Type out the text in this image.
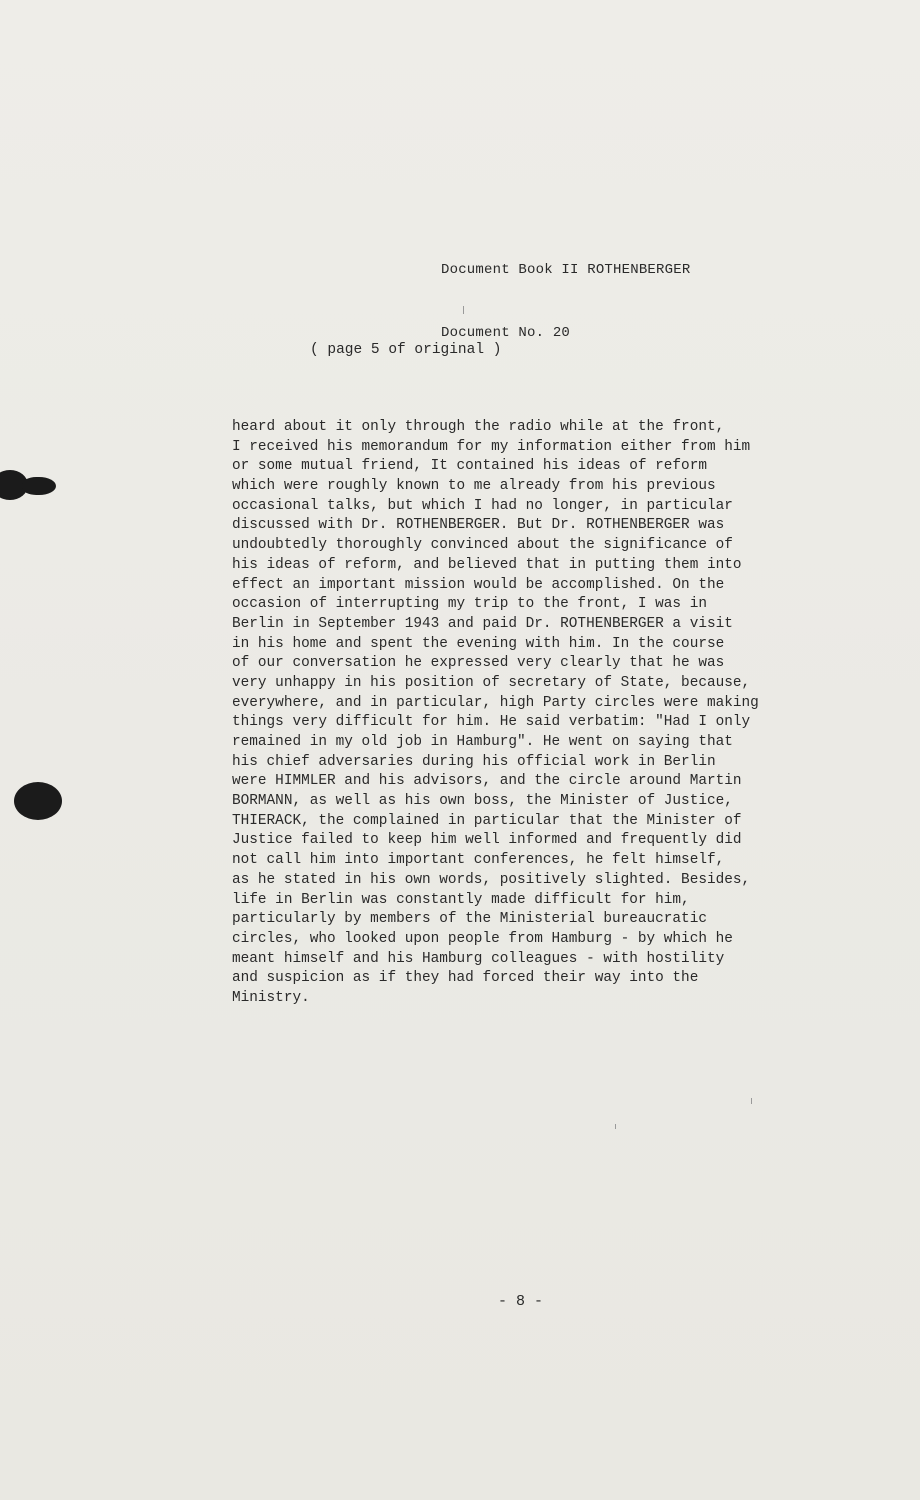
Document Book II ROTHENBERGER

Document No. 20

( page 5 of original )
heard about it only through the radio while at the front,
I received his memorandum for my information either from him
or some mutual friend, It contained his ideas of reform
which were roughly known to me already from his previous
occasional talks, but which I had no longer, in particular
discussed with Dr. ROTHENBERGER. But Dr. ROTHENBERGER was
undoubtedly thoroughly convinced about the significance of
his ideas of reform, and believed that in putting them into
effect an important mission would be accomplished. On the
occasion of interrupting my trip to the front, I was in
Berlin in September 1943 and paid Dr. ROTHENBERGER a visit
in his home and spent the evening with him. In the course
of our conversation he expressed very clearly that he was
very unhappy in his position of secretary of State, because,
everywhere, and in particular, high Party circles were making
things very difficult for him. He said verbatim: "Had I only
remained in my old job in Hamburg". He went on saying that
his chief adversaries during his official work in Berlin
were HIMMLER and his advisors, and the circle around Martin
BORMANN, as well as his own boss, the Minister of Justice,
THIERACK, the complained in particular that the Minister of
Justice failed to keep him well informed and frequently did
not call him into important conferences, he felt himself,
as he stated in his own words, positively slighted. Besides,
life in Berlin was constantly made difficult for him,
particularly by members of the Ministerial bureaucratic
circles, who looked upon people from Hamburg - by which he
meant himself and his Hamburg colleagues - with hostility
and suspicion as if they had forced their way into the
Ministry.
- 8 -
